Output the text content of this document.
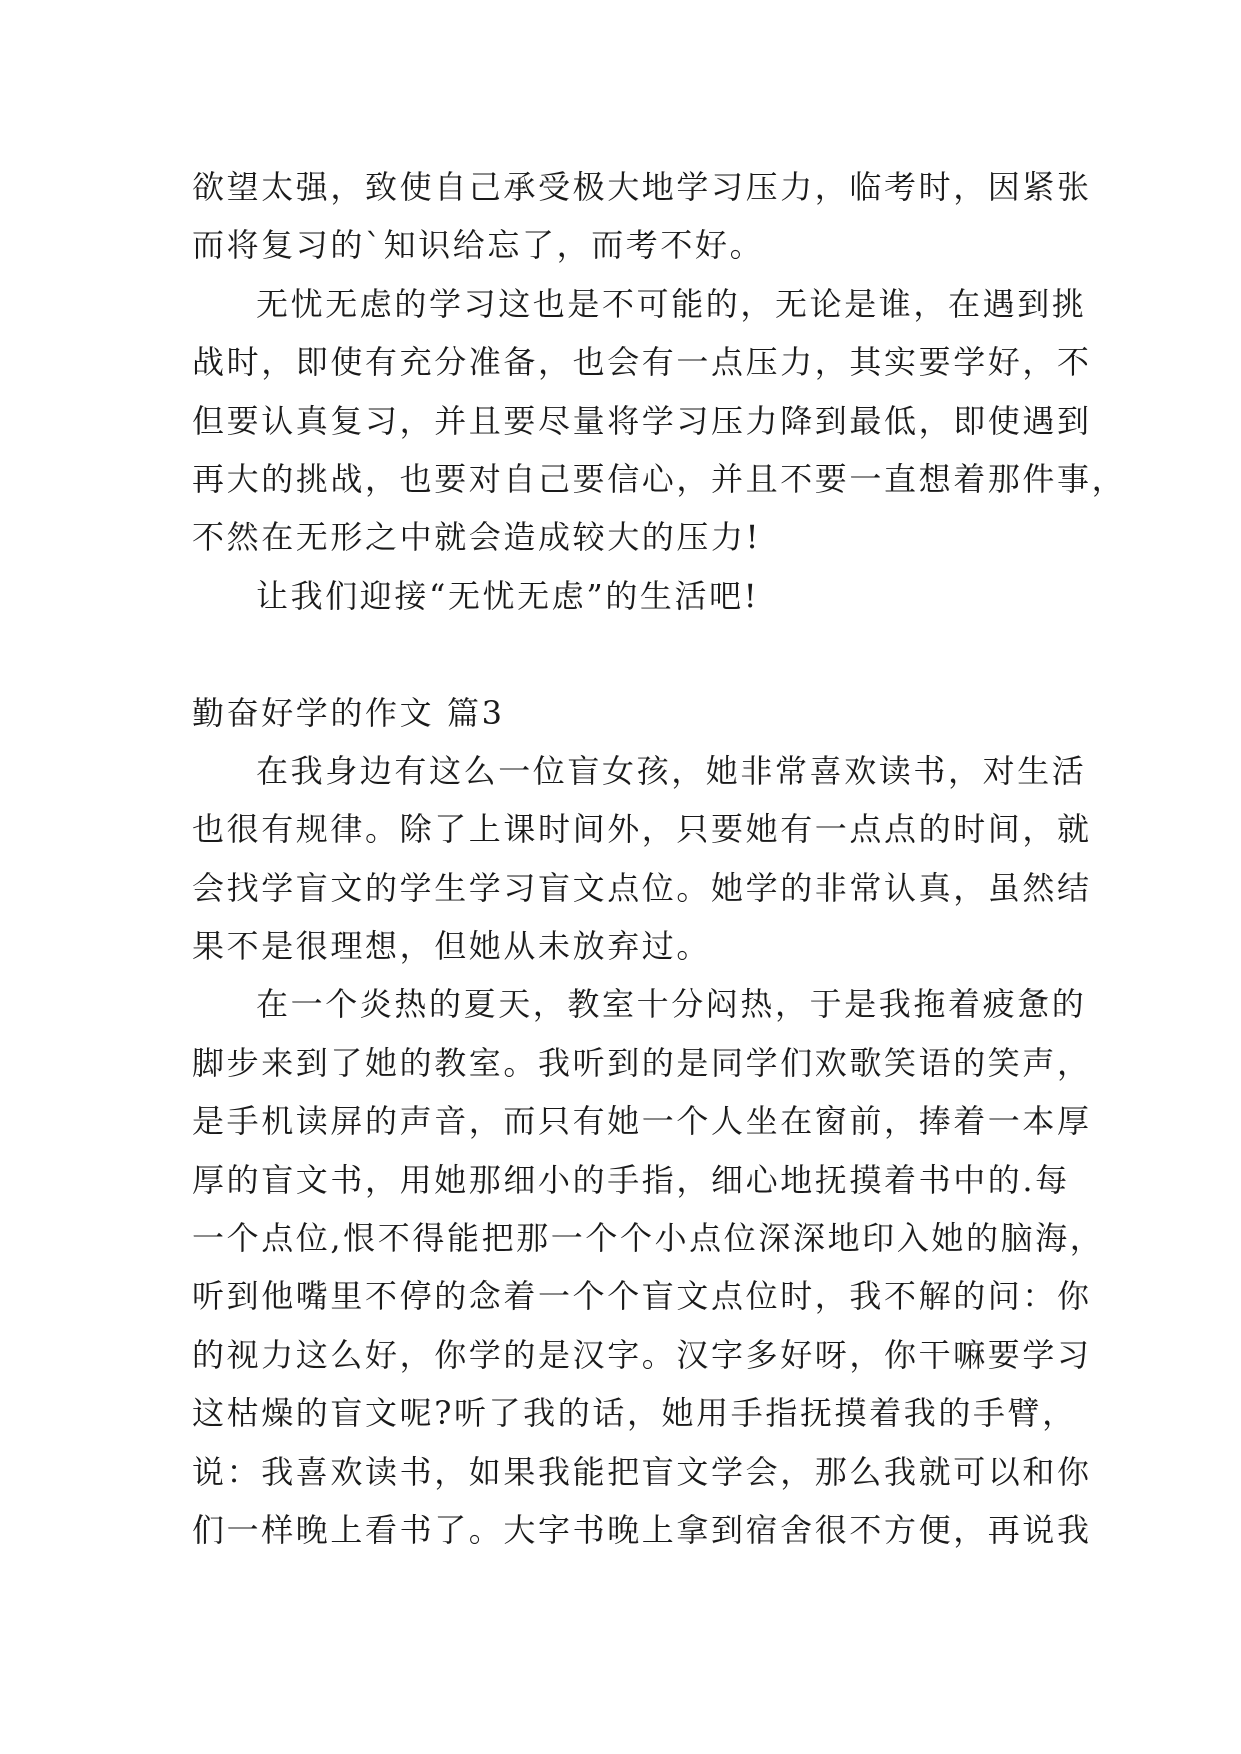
欲望太强，致使自己承受极大地学习压力，临考时，因紧张
而将复习的`知识给忘了，而考不好。
无忧无虑的学习这也是不可能的，无论是谁，在遇到挑
战时，即使有充分准备，也会有一点压力，其实要学好，不
但要认真复习，并且要尽量将学习压力降到最低，即使遇到
再大的挑战，也要对自己要信心，并且不要一直想着那件事，
不然在无形之中就会造成较大的压力!
让我们迎接“无忧无虑”的生活吧!
勤奋好学的作文 篇3
在我身边有这么一位盲女孩，她非常喜欢读书，对生活
也很有规律。除了上课时间外，只要她有一点点的时间，就
会找学盲文的学生学习盲文点位。她学的非常认真，虽然结
果不是很理想，但她从未放弃过。
在一个炎热的夏天，教室十分闷热，于是我拖着疲惫的
脚步来到了她的教室。我听到的是同学们欢歌笑语的笑声，
是手机读屏的声音，而只有她一个人坐在窗前，捧着一本厚
厚的盲文书，用她那细小的手指，细心地抚摸着书中的.每
一个点位,恨不得能把那一个个小点位深深地印入她的脑海，
听到他嘴里不停的念着一个个盲文点位时，我不解的问：你
的视力这么好，你学的是汉字。汉字多好呀，你干嘛要学习
这枯燥的盲文呢?听了我的话，她用手指抚摸着我的手臂，
说：我喜欢读书，如果我能把盲文学会，那么我就可以和你
们一样晚上看书了。大字书晚上拿到宿舍很不方便，再说我
